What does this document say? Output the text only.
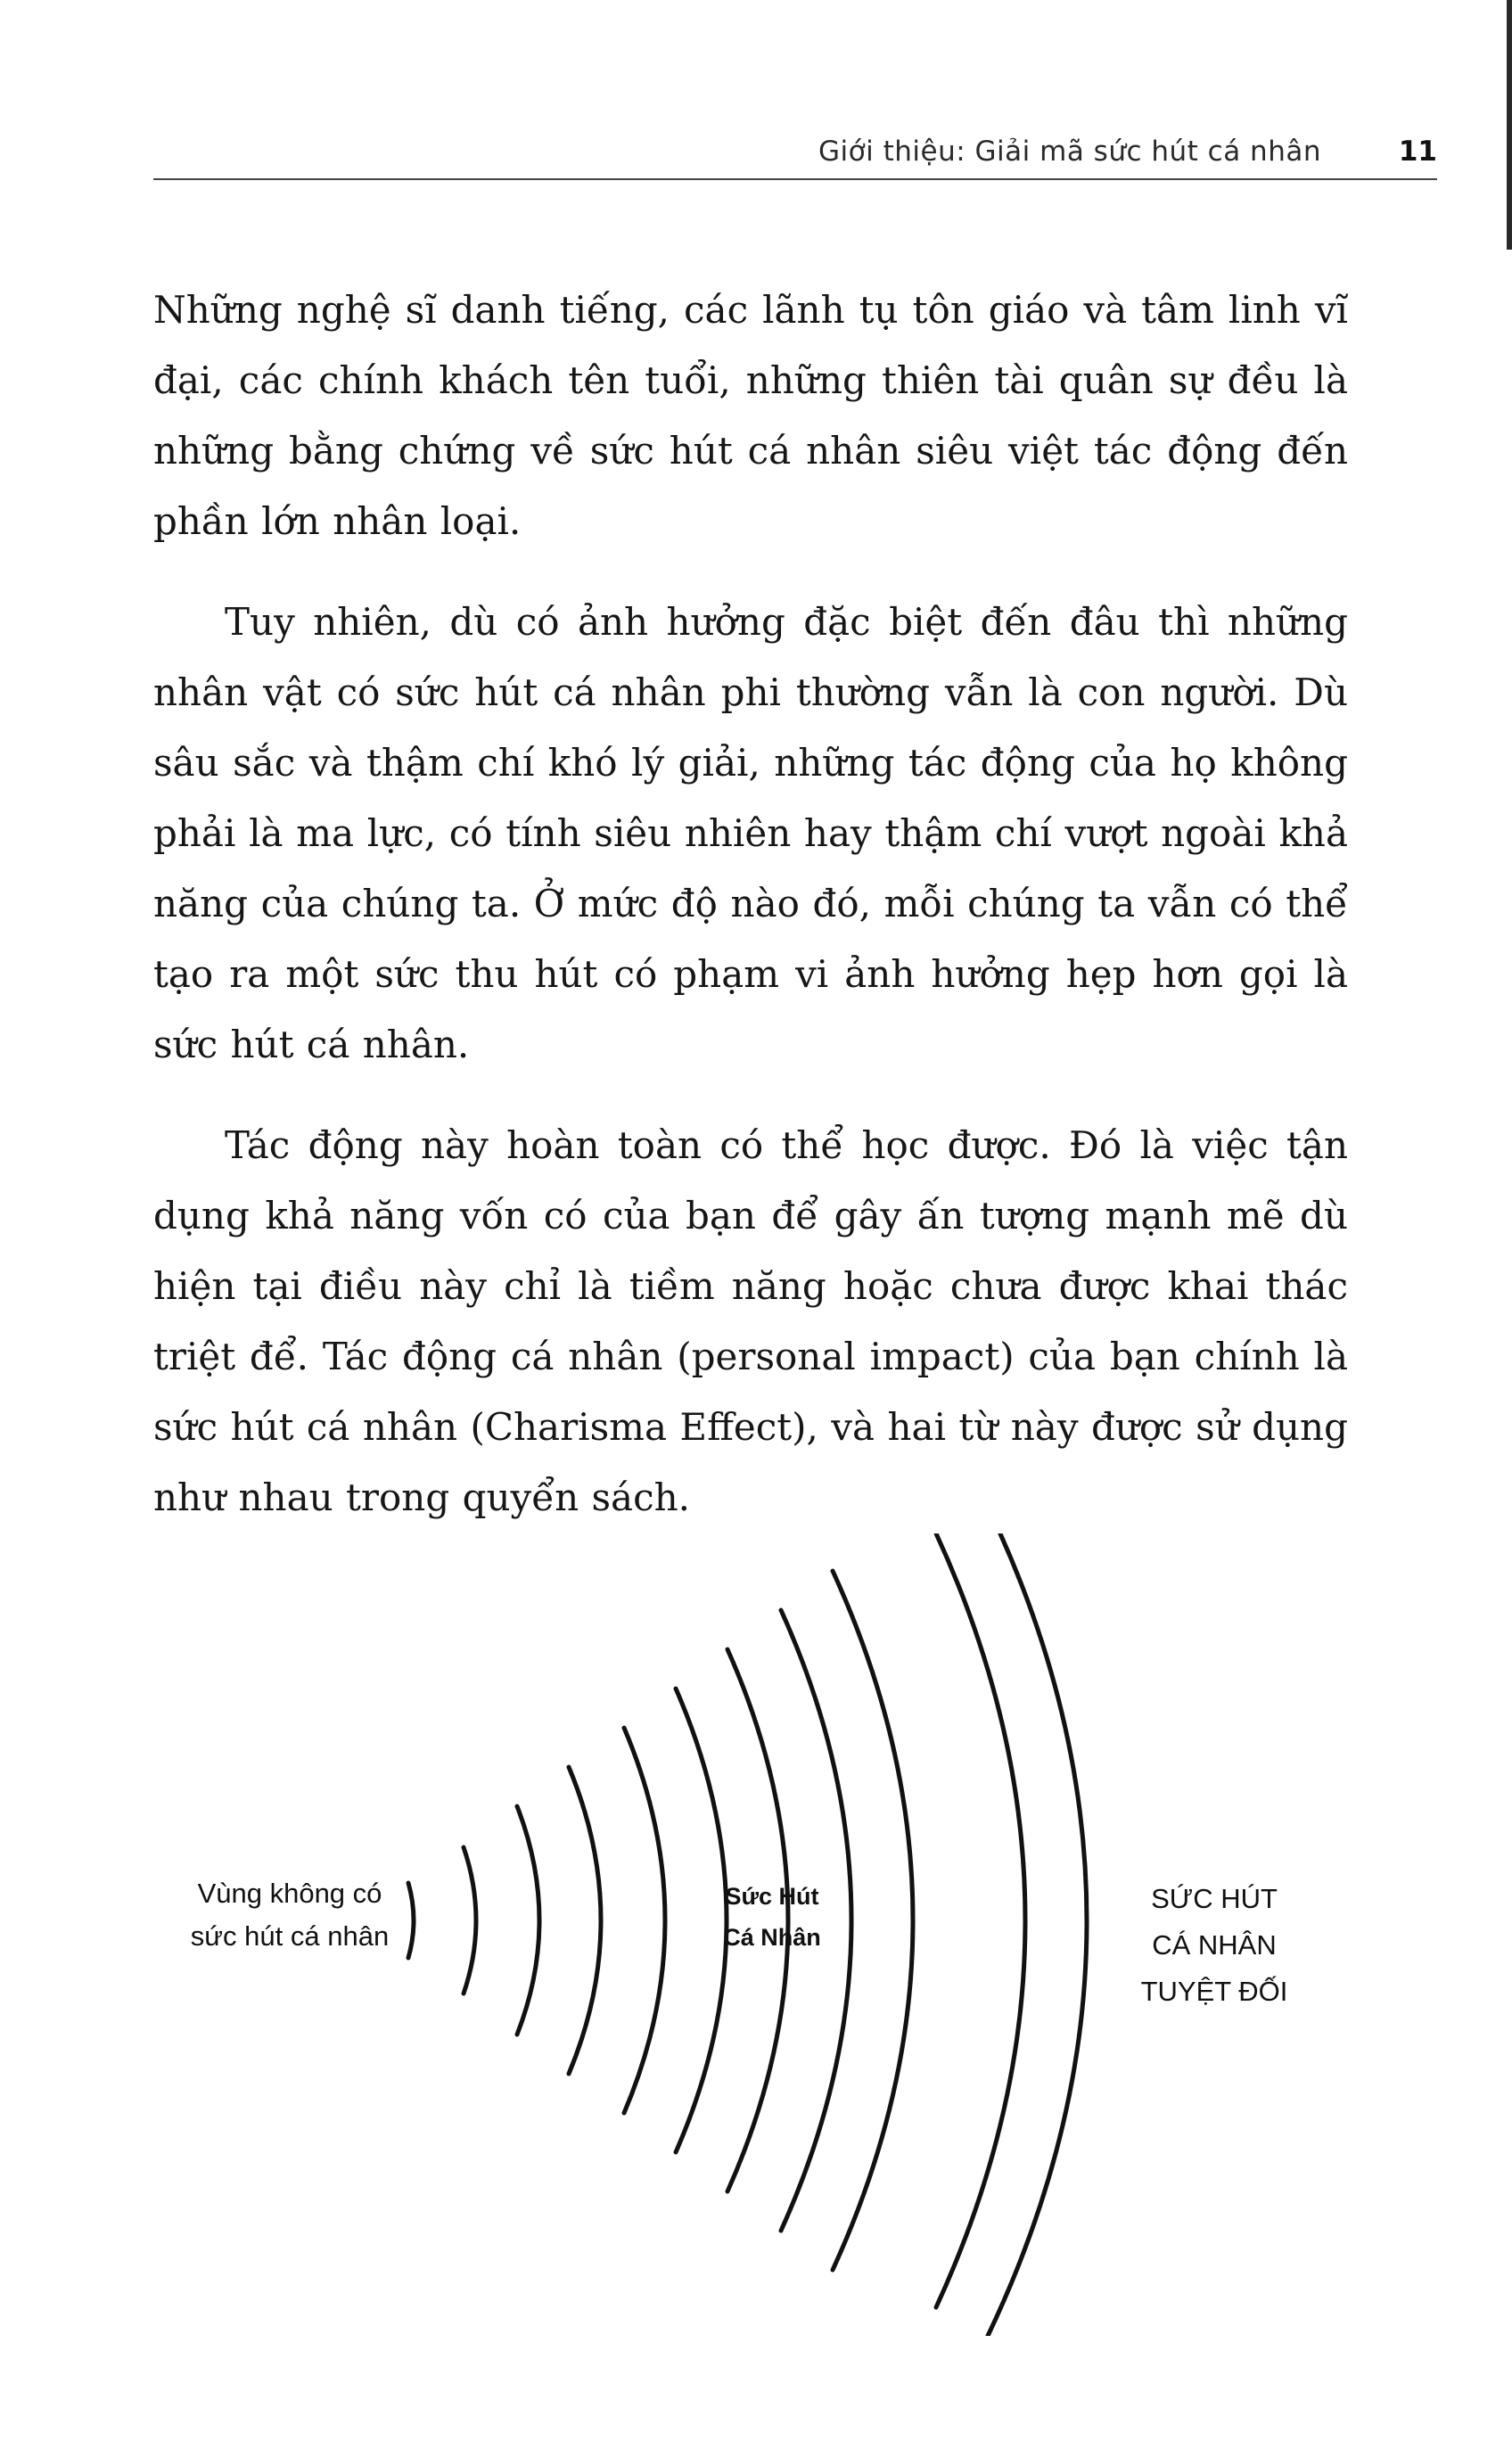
Giới thiệu: Giải mã sức hút cá nhân	11

Những nghệ sĩ danh tiếng, các lãnh tụ tôn giáo và tâm linh vĩ đại, các chính khách tên tuổi, những thiên tài quân sự đều là những bằng chứng về sức hút cá nhân siêu việt tác động đến phần lớn nhân loại.

Tuy nhiên, dù có ảnh hưởng đặc biệt đến đâu thì những nhân vật có sức hút cá nhân phi thường vẫn là con người. Dù sâu sắc và thậm chí khó lý giải, những tác động của họ không phải là ma lực, có tính siêu nhiên hay thậm chí vượt ngoài khả năng của chúng ta. Ở mức độ nào đó, mỗi chúng ta vẫn có thể tạo ra một sức thu hút có phạm vi ảnh hưởng hẹp hơn gọi là sức hút cá nhân.

Tác động này hoàn toàn có thể học được. Đó là việc tận dụng khả năng vốn có của bạn để gây ấn tượng mạnh mẽ dù hiện tại điều này chỉ là tiềm năng hoặc chưa được khai thác triệt để. Tác động cá nhân (personal impact) của bạn chính là sức hút cá nhân (Charisma Effect), và hai từ này được sử dụng như nhau trong quyển sách.

Vùng không có
sức hút cá nhân
Sức Hút
Cá Nhân
SỨC HÚT
CÁ NHÂN
TUYỆT ĐỐI
